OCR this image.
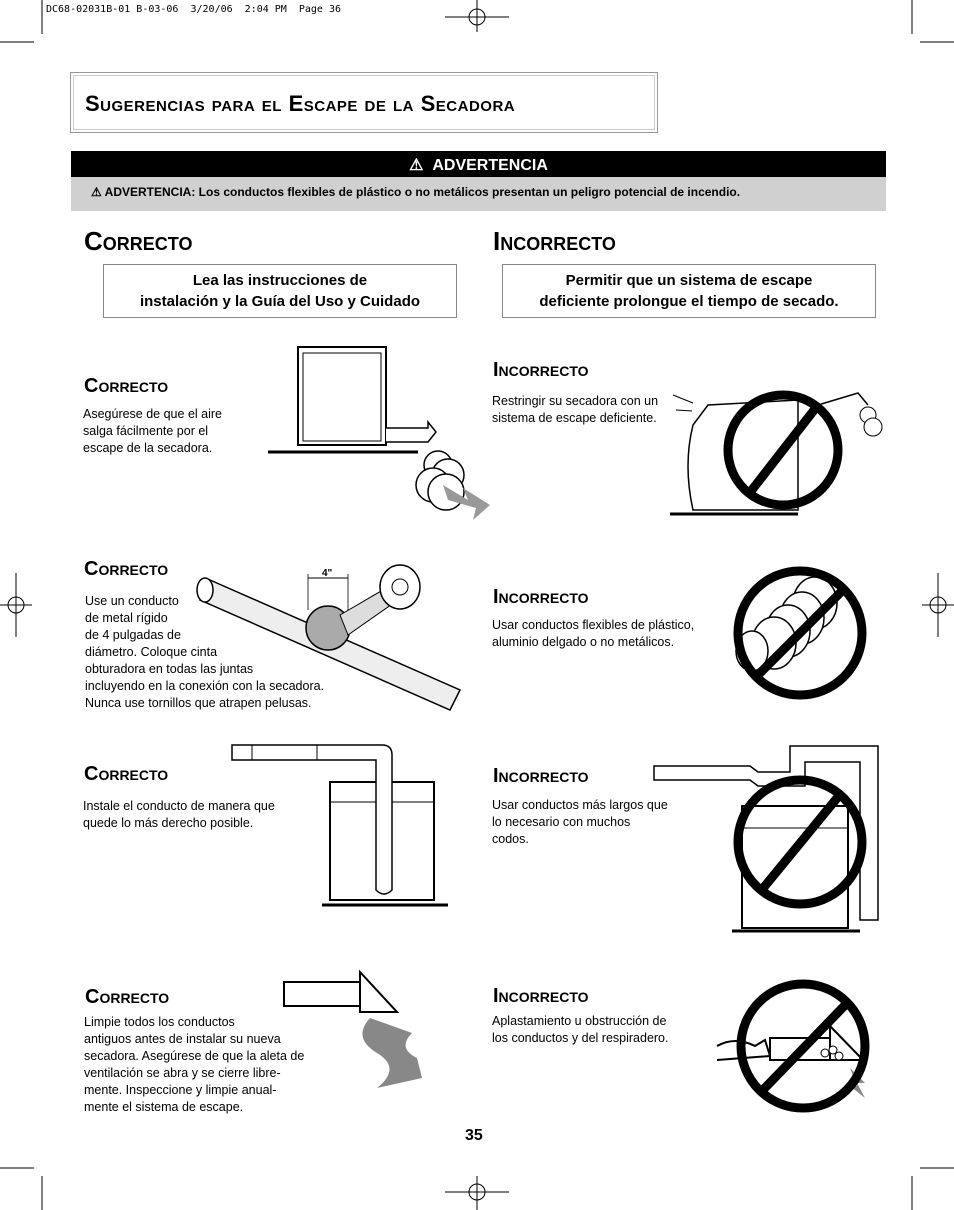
DC68-02031B-01 B-03-06  3/20/06  2:04 PM  Page 36
Sugerencias para el Escape de la Secadora
⚠ ADVERTENCIA
⚠ ADVERTENCIA: Los conductos flexibles de plástico o no metálicos presentan un peligro potencial de incendio.
Correcto	Incorrecto
Lea las instrucciones de
instalación y la Guía del Uso y Cuidado
Permitir que un sistema de escape
deficiente prolongue el tiempo de secado.
Correcto
Asegúrese de que el aire
salga fácilmente por el
escape de la secadora.
Correcto
Use un conducto
de metal rígido
de 4 pulgadas de
diámetro. Coloque cinta
obturadora en todas las juntas
incluyendo en la conexión con la secadora.
Nunca use tornillos que atrapen pelusas.
Correcto
Instale el conducto de manera que
quede lo más derecho posible.
Correcto
Limpie todos los conductos
antiguos antes de instalar su nueva
secadora. Asegúrese de que la aleta de
ventilación se abra y se cierre libre-
mente. Inspeccione y limpie anual-
mente el sistema de escape.
Incorrecto
Restringir su secadora con un
sistema de escape deficiente.
Incorrecto
Usar conductos flexibles de plástico,
aluminio delgado o no metálicos.
Incorrecto
Usar conductos más largos que
lo necesario con muchos
codos.
Incorrecto
Aplastamiento u obstrucción de
los conductos y del respiradero.
4"
35
